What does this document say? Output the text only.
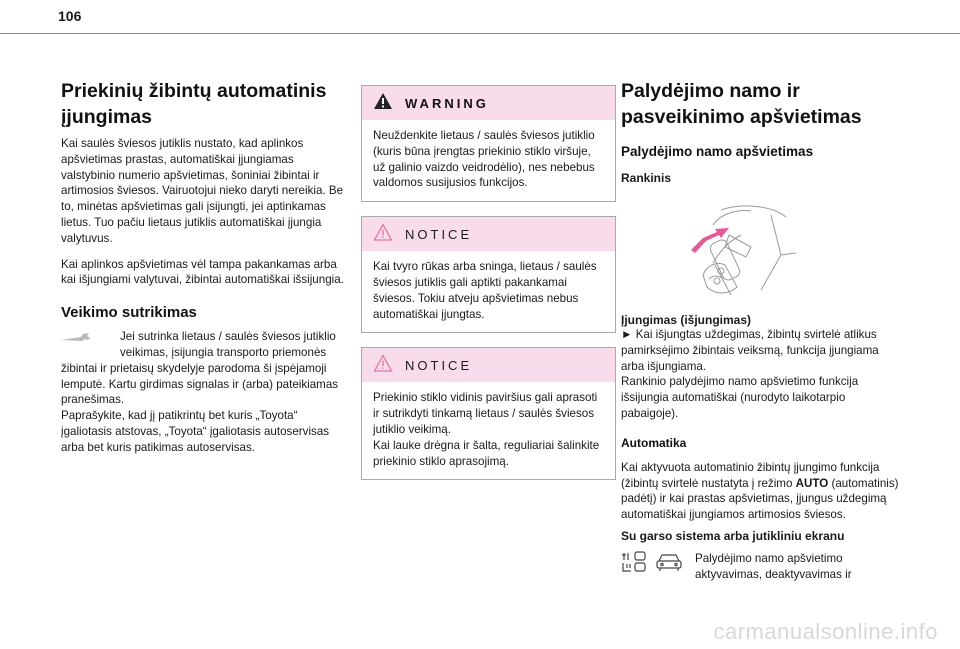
106
Priekinių žibintų automatinis įjungimas

Kai saulės šviesos jutiklis nustato, kad aplinkos apšvietimas prastas, automatiškai įjungiamas valstybinio numerio apšvietimas, šoniniai žibintai ir artimosios šviesos. Vairuotojui nieko daryti nereikia. Be to, minėtas apšvietimas gali įsijungti, jei aptinkamas lietus. Tuo pačiu lietaus jutiklis automatiškai įjungia valytuvus.

Kai aplinkos apšvietimas vėl tampa pakankamas arba kai išjungiami valytuvai, žibintai automatiškai išsijungia.

Veikimo sutrikimas

Jei sutrinka lietaus / saulės šviesos jutiklio veikimas, įsijungia transporto priemonės

žibintai ir prietaisų skydelyje parodoma ši įspėjamoji lemputė. Kartu girdimas signalas ir (arba) pateikiamas pranešimas.

Paprašykite, kad jį patikrintų bet kuris „Toyota“ įgaliotasis atstovas, „Toyota“ įgaliotasis autoservisas arba bet kuris patikimas autoservisas.

WARNING

Neuždenkite lietaus / saulės šviesos jutiklio (kuris būna įrengtas priekinio stiklo viršuje, už galinio vaizdo veidrodėlio), nes nebebus valdomos susijusios funkcijos.

NOTICE

Kai tvyro rūkas arba sninga, lietaus / saulės šviesos jutiklis gali aptikti pakankamai šviesos. Tokiu atveju apšvietimas nebus automatiškai įjungtas.

NOTICE

Priekinio stiklo vidinis paviršius gali aprasoti ir sutrikdyti tinkamą lietaus / saulės šviesos jutiklio veikimą.

Kai lauke drėgna ir šalta, reguliariai šalinkite priekinio stiklo aprasojimą.

Palydėjimo namo ir pasveikinimo apšvietimas
Palydėjimo namo apšvietimas
Rankinis
Įjungimas (išjungimas)

► Kai išjungtas uždegimas, žibintų svirtelė atlikus pamirksėjimo žibintais veiksmą, funkcija įjungiama arba išjungiama.

Rankinio palydėjimo namo apšvietimo funkcija išsijungia automatiškai (nurodyto laikotarpio pabaigoje).

Automatika

Kai aktyvuota automatinio žibintų įjungimo funkcija (žibintų svirtelė nustatyta į režimo AUTO (automatinis) padėtį) ir kai prastas apšvietimas, įjungus uždegimą automatiškai įjungiamos artimosios šviesos.

Su garso sistema arba jutikliniu ekranu

Palydėjimo namo apšvietimo aktyvavimas, deaktyvavimas ir

carmanualsonline.info
